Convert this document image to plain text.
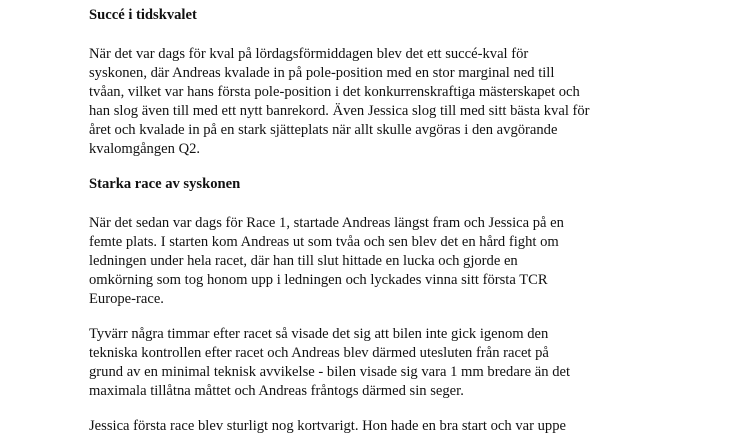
Succé i tidskvalet
När det var dags för kval på lördagsförmiddagen blev det ett succé-kval för
syskonen, där Andreas kvalade in på pole-position med en stor marginal ned till
tvåan, vilket var hans första pole-position i det konkurrenskraftiga mästerskapet och
han slog även till med ett nytt banrekord. Även Jessica slog till med sitt bästa kval för
året och kvalade in på en stark sjätteplats när allt skulle avgöras i den avgörande
kvalomgången Q2.
Starka race av syskonen
När det sedan var dags för Race 1, startade Andreas längst fram och Jessica på en
femte plats. I starten kom Andreas ut som tvåa och sen blev det en hård fight om
ledningen under hela racet, där han till slut hittade en lucka och gjorde en
omkörning som tog honom upp i ledningen och lyckades vinna sitt första TCR
Europe-race.
Tyvärr några timmar efter racet så visade det sig att bilen inte gick igenom den
tekniska kontrollen efter racet och Andreas blev därmed utesluten från racet på
grund av en minimal teknisk avvikelse - bilen visade sig vara 1 mm bredare än det
maximala tillåtna måttet och Andreas fråntogs därmed sin seger.
Jessica första race blev sturligt nog kortvarigt. Hon hade en bra start och var uppe
